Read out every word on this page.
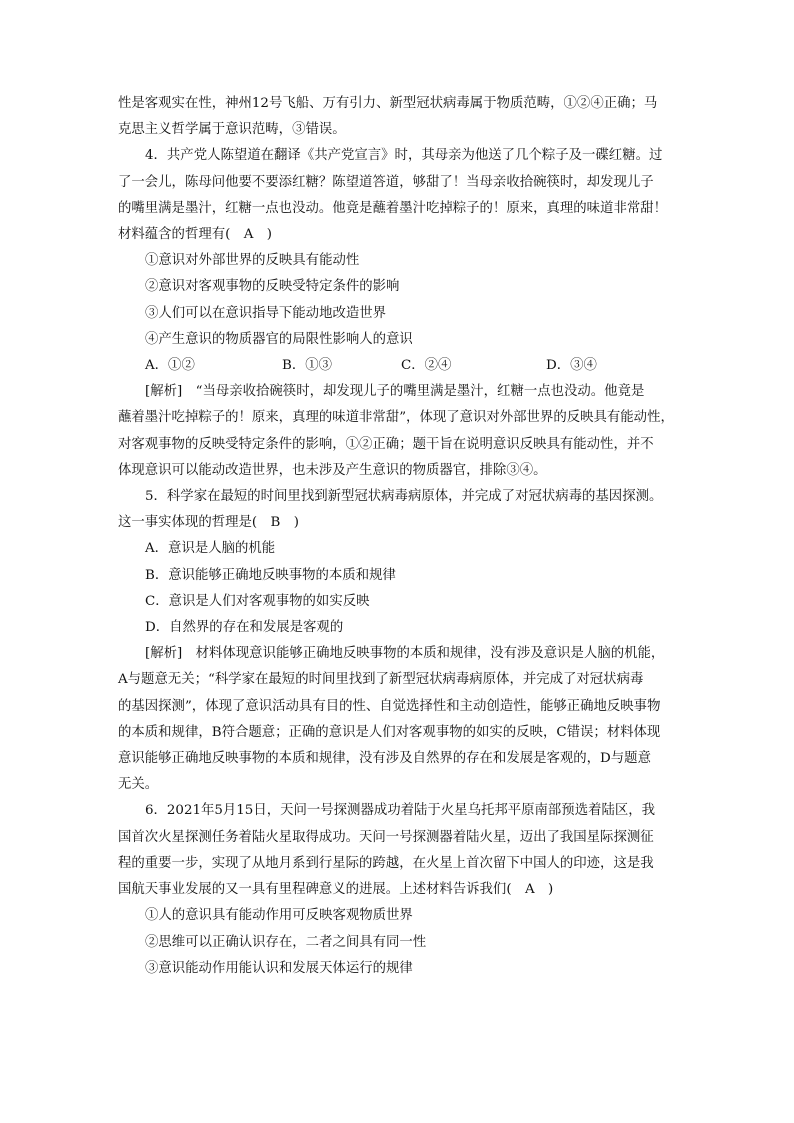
性是客观实在性，神州12号飞船、万有引力、新型冠状病毒属于物质范畴，①②④正确；马

克思主义哲学属于意识范畴，③错误。

4．共产党人陈望道在翻译《共产党宣言》时，其母亲为他送了几个粽子及一碟红糖。过

了一会儿，陈母问他要不要添红糖？陈望道答道，够甜了！当母亲收拾碗筷时，却发现儿子

的嘴里满是墨汁，红糖一点也没动。他竟是蘸着墨汁吃掉粽子的！原来，真理的味道非常甜！

材料蕴含的哲理有(　A　)

①意识对外部世界的反映具有能动性

②意识对客观事物的反映受特定条件的影响

③人们可以在意识指导下能动地改造世界

④产生意识的物质器官的局限性影响人的意识

A．①②	B．①③	C．②④	D．③④

[解析]　“当母亲收拾碗筷时，却发现儿子的嘴里满是墨汁，红糖一点也没动。他竟是

蘸着墨汁吃掉粽子的！原来，真理的味道非常甜”，体现了意识对外部世界的反映具有能动性，

对客观事物的反映受特定条件的影响，①②正确；题干旨在说明意识反映具有能动性，并不

体现意识可以能动改造世界，也未涉及产生意识的物质器官，排除③④。

5．科学家在最短的时间里找到新型冠状病毒病原体，并完成了对冠状病毒的基因探测。

这一事实体现的哲理是(　B　)

A．意识是人脑的机能

B．意识能够正确地反映事物的本质和规律

C．意识是人们对客观事物的如实反映

D．自然界的存在和发展是客观的

[解析]　材料体现意识能够正确地反映事物的本质和规律，没有涉及意识是人脑的机能，

A与题意无关；“科学家在最短的时间里找到了新型冠状病毒病原体，并完成了对冠状病毒

的基因探测”，体现了意识活动具有目的性、自觉选择性和主动创造性，能够正确地反映事物

的本质和规律，B符合题意；正确的意识是人们对客观事物的如实的反映，C错误；材料体现

意识能够正确地反映事物的本质和规律，没有涉及自然界的存在和发展是客观的，D与题意

无关。

6．2021年5月15日，天问一号探测器成功着陆于火星乌托邦平原南部预选着陆区，我

国首次火星探测任务着陆火星取得成功。天问一号探测器着陆火星，迈出了我国星际探测征

程的重要一步，实现了从地月系到行星际的跨越，在火星上首次留下中国人的印迹，这是我

国航天事业发展的又一具有里程碑意义的进展。上述材料告诉我们(　A　)

①人的意识具有能动作用可反映客观物质世界

②思维可以正确认识存在，二者之间具有同一性

③意识能动作用能认识和发展天体运行的规律
